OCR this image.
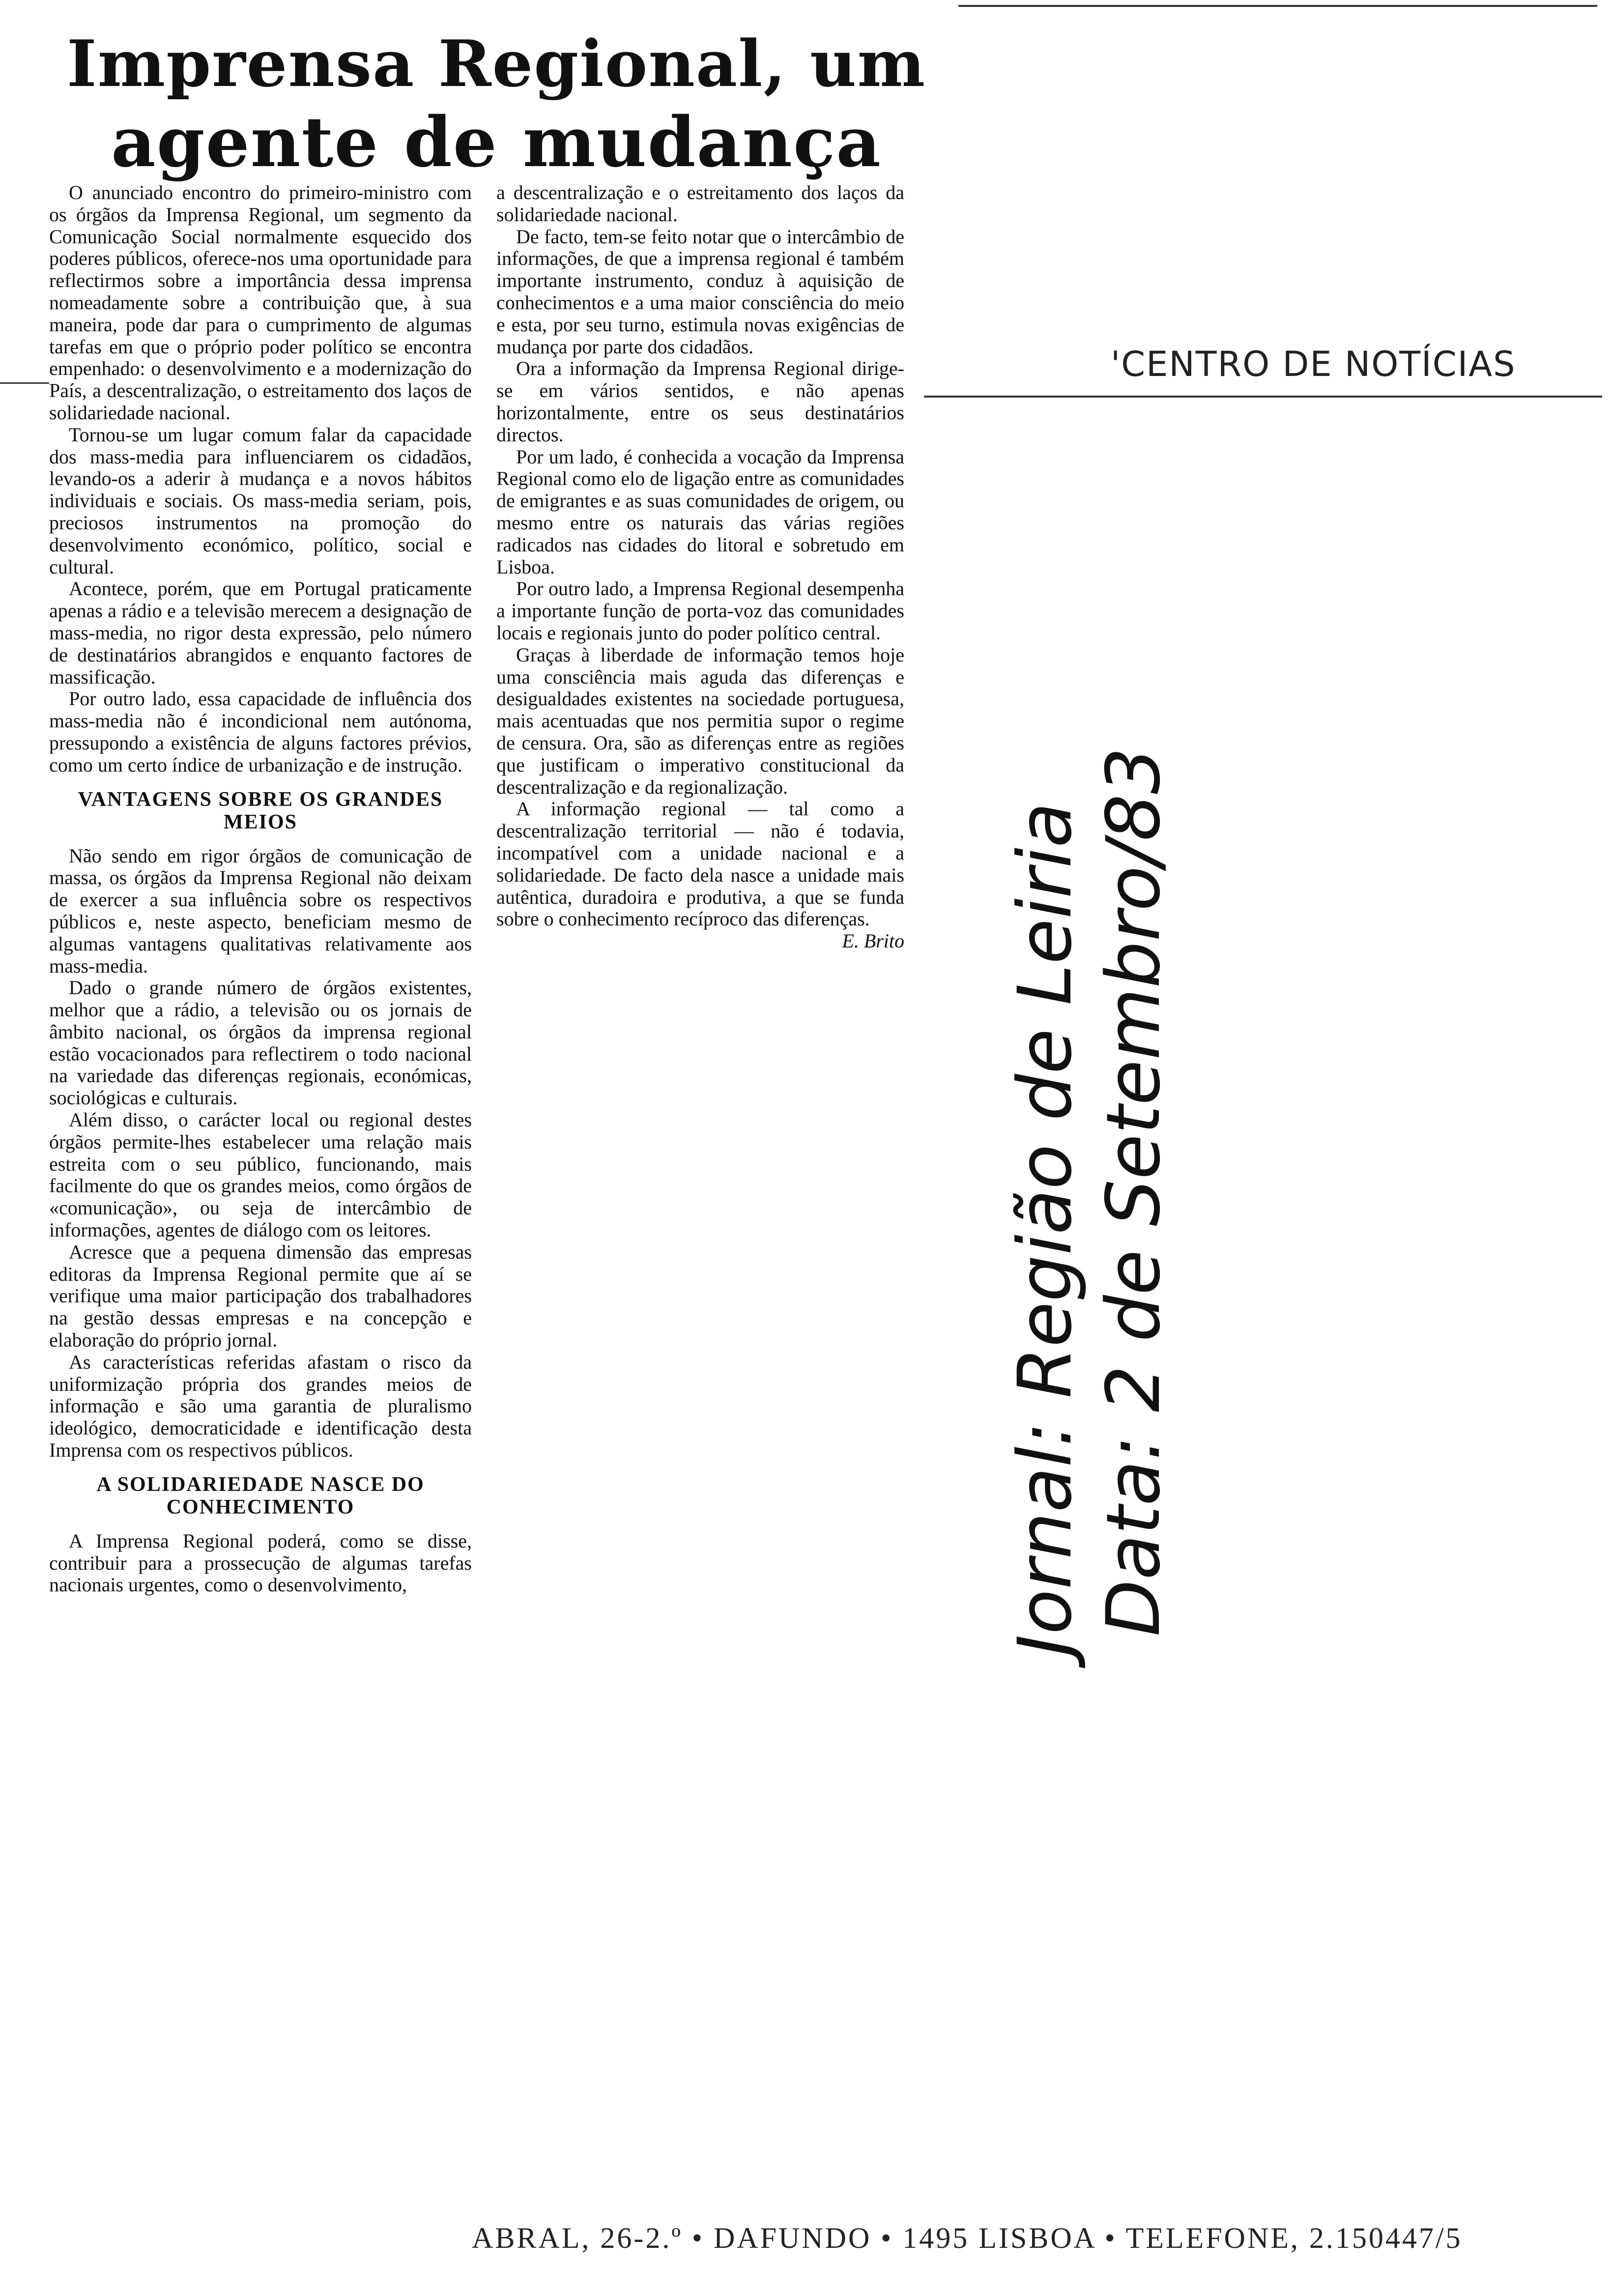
Imprensa Regional, um
agente de mudança

O anunciado encontro do primeiro-ministro com os órgãos da Imprensa Regional, um segmento da Comunicação Social normalmente esquecido dos poderes públicos, oferece-nos uma oportunidade para reflectirmos sobre a importância dessa imprensa nomeadamente sobre a contribuição que, à sua maneira, pode dar para o cumprimento de algumas tarefas em que o próprio poder político se encontra empenhado: o desenvolvimento e a modernização do País, a descentralização, o estreitamento dos laços de solidariedade nacional.

Tornou-se um lugar comum falar da capacidade dos mass-media para influenciarem os cidadãos, levando-os a aderir à mudança e a novos hábitos individuais e sociais. Os mass-media seriam, pois, preciosos instrumentos na promoção do desenvolvimento económico, político, social e cultural.

Acontece, porém, que em Portugal praticamente apenas a rádio e a televisão merecem a designação de mass-media, no rigor desta expressão, pelo número de destinatários abrangidos e enquanto factores de massificação.

Por outro lado, essa capacidade de influência dos mass-media não é incondicional nem autónoma, pressupondo a existência de alguns factores prévios, como um certo índice de urbanização e de instrução.

VANTAGENS SOBRE OS GRANDES MEIOS

Não sendo em rigor órgãos de comunicação de massa, os órgãos da Imprensa Regional não deixam de exercer a sua influência sobre os respectivos públicos e, neste aspecto, beneficiam mesmo de algumas vantagens qualitativas relativamente aos mass-media.

Dado o grande número de órgãos existentes, melhor que a rádio, a televisão ou os jornais de âmbito nacional, os órgãos da imprensa regional estão vocacionados para reflectirem o todo nacional na variedade das diferenças regionais, económicas, sociológicas e culturais.

Além disso, o carácter local ou regional destes órgãos permite-lhes estabelecer uma relação mais estreita com o seu público, funcionando, mais facilmente do que os grandes meios, como órgãos de «comunicação», ou seja de intercâmbio de informações, agentes de diálogo com os leitores.

Acresce que a pequena dimensão das empresas editoras da Imprensa Regional permite que aí se verifique uma maior participação dos trabalhadores na gestão dessas empresas e na concepção e elaboração do próprio jornal.

As características referidas afastam o risco da uniformização própria dos grandes meios de informação e são uma garantia de pluralismo ideológico, democraticidade e identificação desta Imprensa com os respectivos públicos.

A SOLIDARIEDADE NASCE DO CONHECIMENTO

A Imprensa Regional poderá, como se disse, contribuir para a prossecução de algumas tarefas nacionais urgentes, como o desenvolvimento,

a descentralização e o estreitamento dos laços da solidariedade nacional.

De facto, tem-se feito notar que o intercâmbio de informações, de que a imprensa regional é também importante instrumento, conduz à aquisição de conhecimentos e a uma maior consciência do meio e esta, por seu turno, estimula novas exigências de mudança por parte dos cidadãos.

Ora a informação da Imprensa Regional dirige-se em vários sentidos, e não apenas horizontalmente, entre os seus destinatários directos.

Por um lado, é conhecida a vocação da Imprensa Regional como elo de ligação entre as comunidades de emigrantes e as suas comunidades de origem, ou mesmo entre os naturais das várias regiões radicados nas cidades do litoral e sobretudo em Lisboa.

Por outro lado, a Imprensa Regional desempenha a importante função de porta-voz das comunidades locais e regionais junto do poder político central.

Graças à liberdade de informação temos hoje uma consciência mais aguda das diferenças e desigualdades existentes na sociedade portuguesa, mais acentuadas que nos permitia supor o regime de censura. Ora, são as diferenças entre as regiões que justificam o imperativo constitucional da descentralização e da regionalização.

A informação regional — tal como a descentralização territorial — não é todavia, incompatível com a unidade nacional e a solidariedade. De facto dela nasce a unidade mais autêntica, duradoira e produtiva, a que se funda sobre o conhecimento recíproco das diferenças.

E. Brito
'CENTRO DE NOTÍCIAS
Jornal: Região de Leiria Data: 2 de Setembro/83
ABRAL, 26-2.º • DAFUNDO • 1495 LISBOA • TELEFONE, 2.150447/5
